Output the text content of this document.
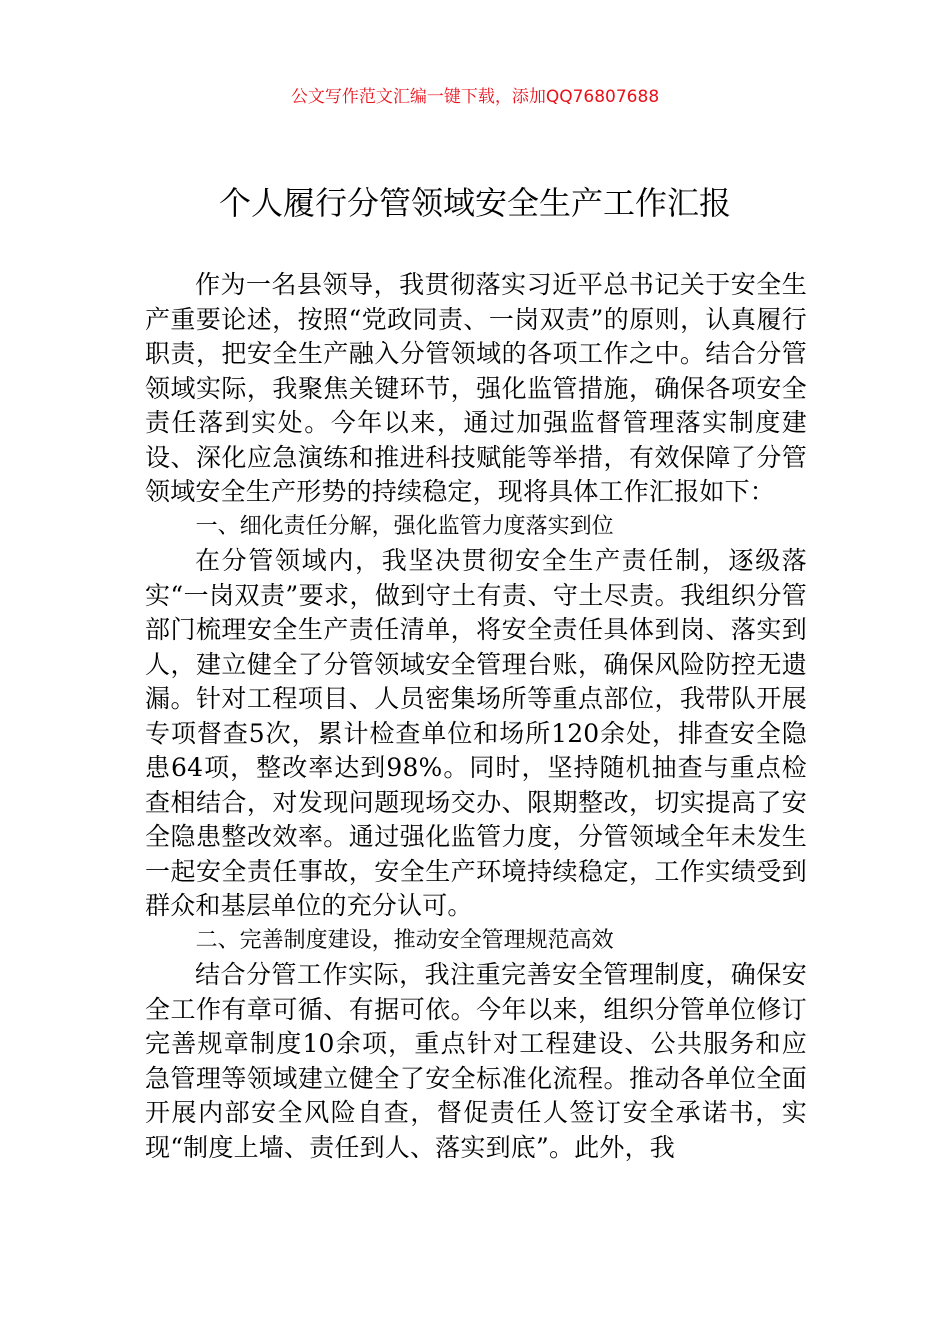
公文写作范文汇编一键下载，添加QQ76807688
个人履行分管领域安全生产工作汇报

作为一名县领导，我贯彻落实习近平总书记关于安全生产重要论述，按照“党政同责、一岗双责”的原则，认真履行职责，把安全生产融入分管领域的各项工作之中。结合分管领域实际，我聚焦关键环节，强化监管措施，确保各项安全责任落到实处。今年以来，通过加强监督管理落实制度建设、深化应急演练和推进科技赋能等举措，有效保障了分管领域安全生产形势的持续稳定，现将具体工作汇报如下：

一、细化责任分解，强化监管力度落实到位

在分管领域内，我坚决贯彻安全生产责任制，逐级落实“一岗双责”要求，做到守土有责、守土尽责。我组织分管部门梳理安全生产责任清单，将安全责任具体到岗、落实到人，建立健全了分管领域安全管理台账，确保风险防控无遗漏。针对工程项目、人员密集场所等重点部位，我带队开展专项督查5次，累计检查单位和场所120余处，排查安全隐患64项，整改率达到98%。同时，坚持随机抽查与重点检查相结合，对发现问题现场交办、限期整改，切实提高了安全隐患整改效率。通过强化监管力度，分管领域全年未发生一起安全责任事故，安全生产环境持续稳定，工作实绩受到群众和基层单位的充分认可。

二、完善制度建设，推动安全管理规范高效

结合分管工作实际，我注重完善安全管理制度，确保安全工作有章可循、有据可依。今年以来，组织分管单位修订完善规章制度10余项，重点针对工程建设、公共服务和应急管理等领域建立健全了安全标准化流程。推动各单位全面开展内部安全风险自查，督促责任人签订安全承诺书，实现“制度上墙、责任到人、落实到底”。此外，我
